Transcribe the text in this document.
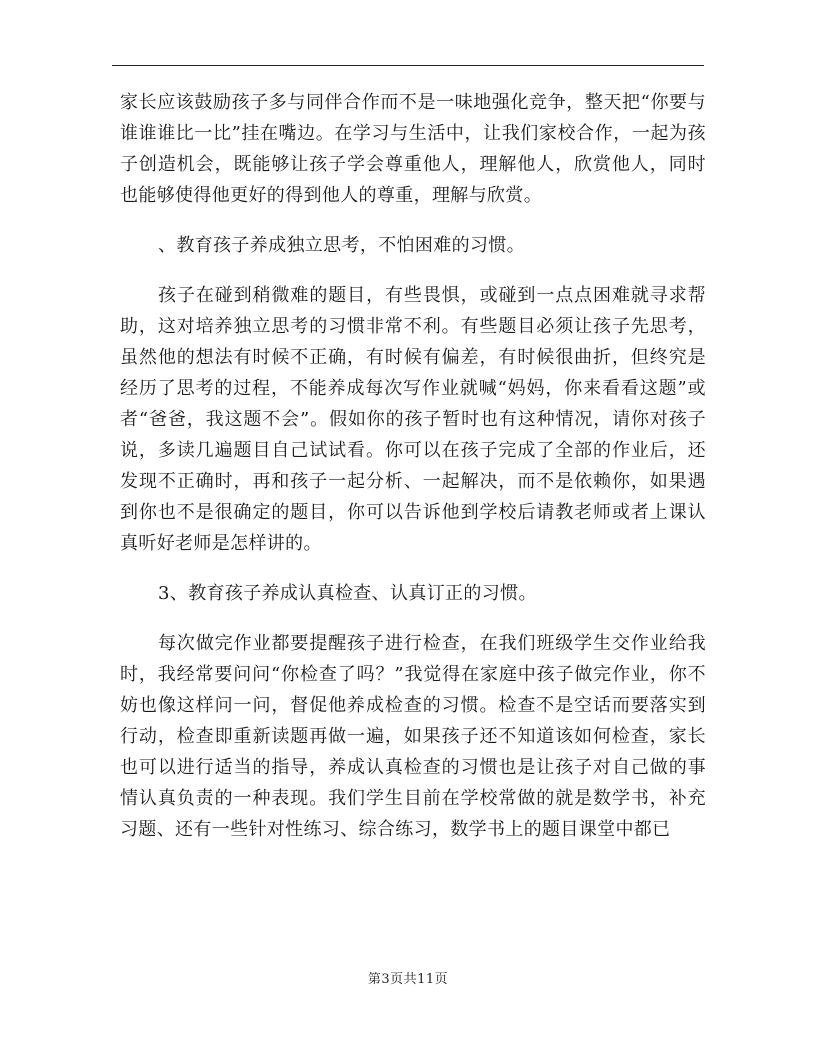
家长应该鼓励孩子多与同伴合作而不是一味地强化竞争，整天把“你要与谁谁谁比一比”挂在嘴边。在学习与生活中，让我们家校合作，一起为孩子创造机会，既能够让孩子学会尊重他人，理解他人，欣赏他人，同时也能够使得他更好的得到他人的尊重，理解与欣赏。

、教育孩子养成独立思考，不怕困难的习惯。

孩子在碰到稍微难的题目，有些畏惧，或碰到一点点困难就寻求帮助，这对培养独立思考的习惯非常不利。有些题目必须让孩子先思考，虽然他的想法有时候不正确，有时候有偏差，有时候很曲折，但终究是经历了思考的过程，不能养成每次写作业就喊“妈妈，你来看看这题”或者“爸爸，我这题不会”。假如你的孩子暂时也有这种情况，请你对孩子说，多读几遍题目自己试试看。你可以在孩子完成了全部的作业后，还发现不正确时，再和孩子一起分析、一起解决，而不是依赖你，如果遇到你也不是很确定的题目，你可以告诉他到学校后请教老师或者上课认真听好老师是怎样讲的。

3、教育孩子养成认真检查、认真订正的习惯。

每次做完作业都要提醒孩子进行检查，在我们班级学生交作业给我时，我经常要问问“你检查了吗？”我觉得在家庭中孩子做完作业，你不妨也像这样问一问，督促他养成检查的习惯。检查不是空话而要落实到行动，检查即重新读题再做一遍，如果孩子还不知道该如何检查，家长也可以进行适当的指导，养成认真检查的习惯也是让孩子对自己做的事情认真负责的一种表现。我们学生目前在学校常做的就是数学书，补充习题、还有一些针对性练习、综合练习，数学书上的题目课堂中都已

第3页共11页
